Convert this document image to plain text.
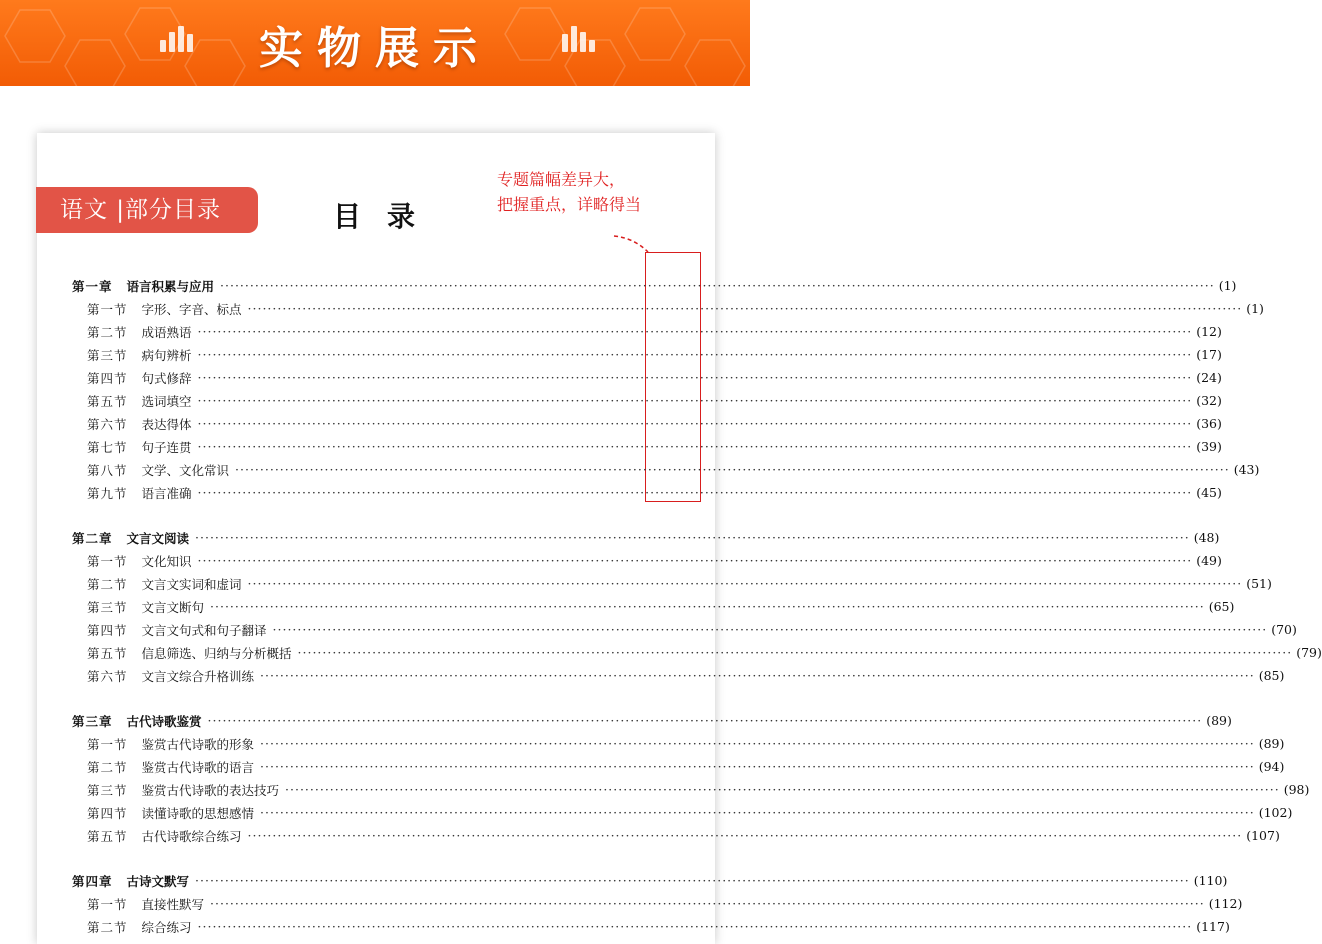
实物展示
语文 |部分目录	目录
专题篇幅差异大，
把握重点，详略得当
第一章 语言积累与应用 ········································································································································································································ (1)
第一节 字形、字音、标点 ········································································································································································································ (1)
第二节 成语熟语 ········································································································································································································ (12)
第三节 病句辨析 ········································································································································································································ (17)
第四节 句式修辞 ········································································································································································································ (24)
第五节 选词填空 ········································································································································································································ (32)
第六节 表达得体 ········································································································································································································ (36)
第七节 句子连贯 ········································································································································································································ (39)
第八节 文学、文化常识 ········································································································································································································ (43)
第九节 语言准确 ········································································································································································································ (45)
第二章 文言文阅读 ········································································································································································································ (48)
第一节 文化知识 ········································································································································································································ (49)
第二节 文言文实词和虚词 ········································································································································································································ (51)
第三节 文言文断句 ········································································································································································································ (65)
第四节 文言文句式和句子翻译 ········································································································································································································ (70)
第五节 信息筛选、归纳与分析概括 ········································································································································································································ (79)
第六节 文言文综合升格训练 ········································································································································································································ (85)
第三章 古代诗歌鉴赏 ········································································································································································································ (89)
第一节 鉴赏古代诗歌的形象 ········································································································································································································ (89)
第二节 鉴赏古代诗歌的语言 ········································································································································································································ (94)
第三节 鉴赏古代诗歌的表达技巧 ········································································································································································································ (98)
第四节 读懂诗歌的思想感情 ········································································································································································································ (102)
第五节 古代诗歌综合练习 ········································································································································································································ (107)
第四章 古诗文默写 ········································································································································································································ (110)
第一节 直接性默写 ········································································································································································································ (112)
第二节 综合练习 ········································································································································································································ (117)
